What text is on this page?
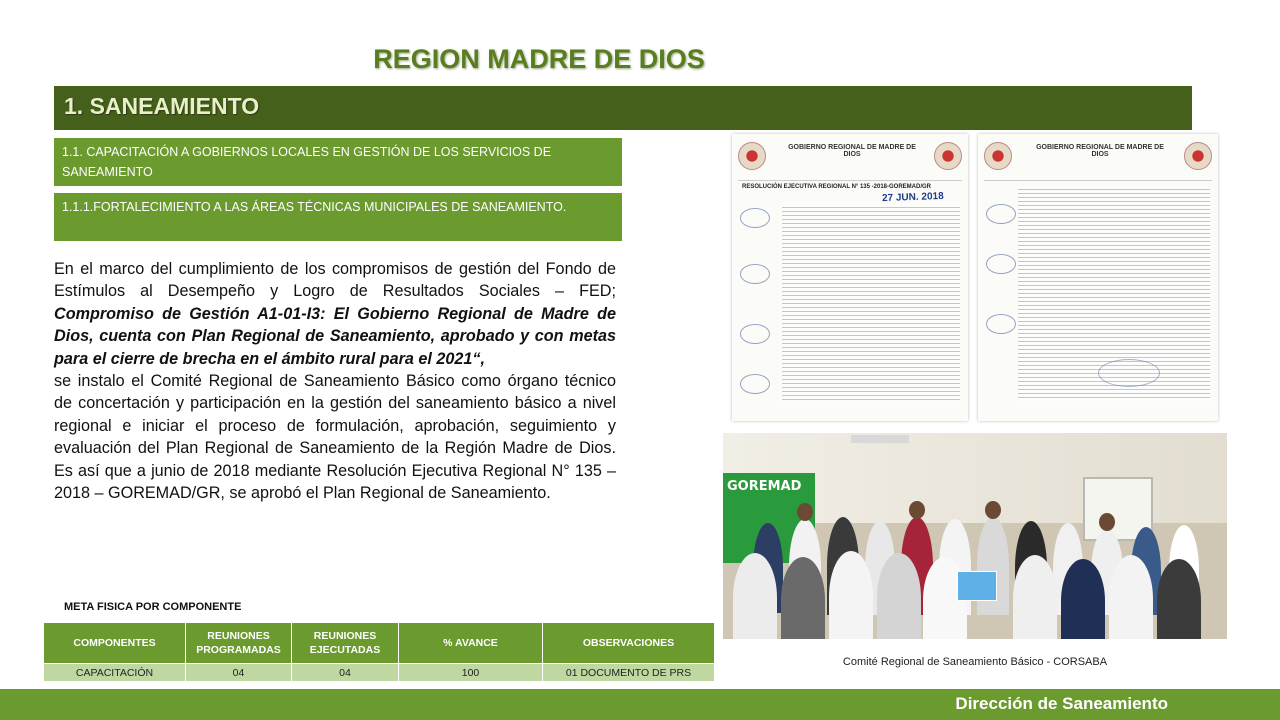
REGION MADRE DE DIOS
1. SANEAMIENTO
1.1. CAPACITACIÓN A GOBIERNOS LOCALES EN GESTIÓN DE LOS SERVICIOS DE SANEAMIENTO
1.1.1.FORTALECIMIENTO A LAS ÁREAS TÉCNICAS MUNICIPALES DE SANEAMIENTO.
En el marco del cumplimiento de los compromisos de gestión del Fondo de Estímulos al Desempeño y Logro de Resultados Sociales – FED; Compromiso de Gestión A1-01-I3: El Gobierno Regional de Madre de Dios, cuenta con Plan Regional de Saneamiento, aprobado y con metas para el cierre de brecha en el ámbito rural para el 2021“,
se instalo el Comité Regional de Saneamiento Básico como órgano técnico de concertación y participación en la gestión del saneamiento básico a nivel regional e iniciar el proceso de formulación, aprobación, seguimiento y evaluación del Plan Regional de Saneamiento de la Región Madre de Dios. Es así que a junio de 2018 mediante Resolución Ejecutiva Regional N° 135 – 2018 – GOREMAD/GR, se aprobó el Plan Regional de Saneamiento.
GOBIERNO REGIONAL DE MADRE DE DIOS
RESOLUCIÓN EJECUTIVA REGIONAL N° 135 -2018-GOREMAD/GR
27 JUN. 2018
GOBIERNO REGIONAL DE MADRE DE DIOS
GOREMAD
Comité Regional de Saneamiento Básico - CORSABA
META FISICA POR COMPONENTE
COMPONENTES	REUNIONES PROGRAMADAS	REUNIONES EJECUTADAS	% AVANCE	OBSERVACIONES
CAPACITACIÓN	04	04	100	01 DOCUMENTO DE PRS
Dirección de Saneamiento
